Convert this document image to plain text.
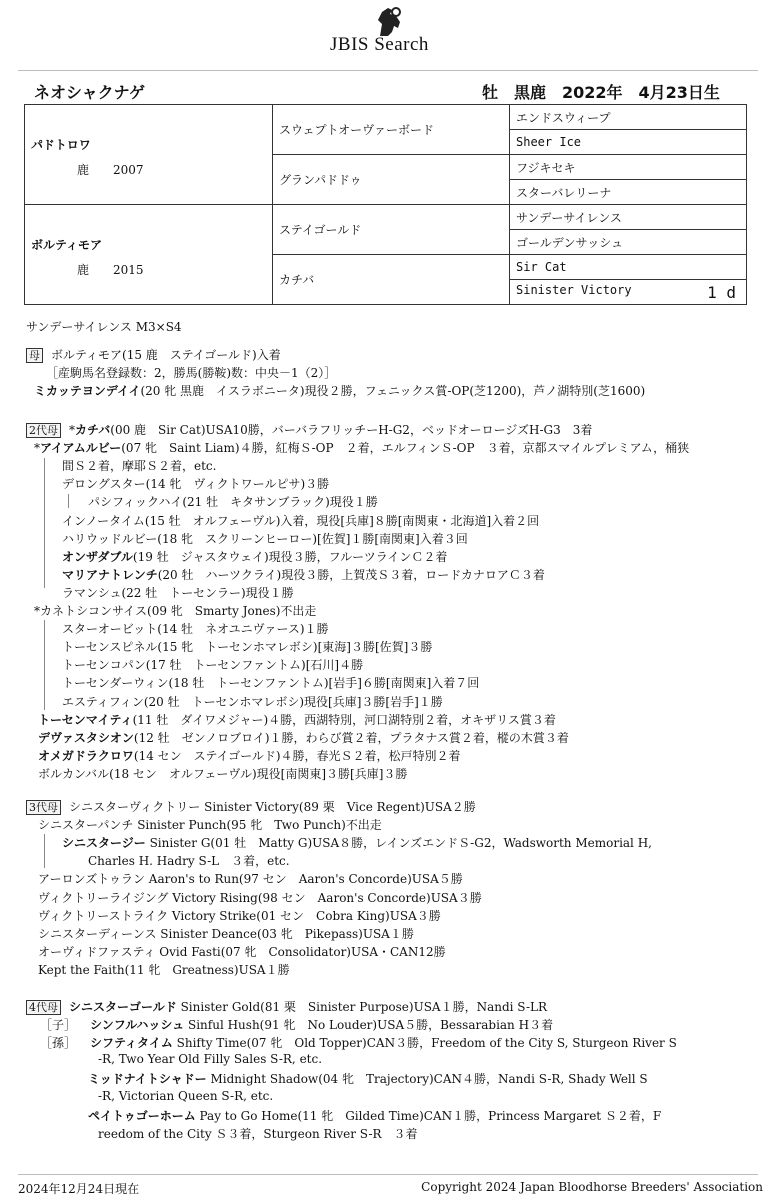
JBIS Search
ネオシャクナゲ	牡　黒鹿　2022年　4月23日生
パドトロワ
鹿　　2007	スウェプトオーヴァーボード	エンドスウィープ
		Sheer Ice
	グランパドドゥ	フジキセキ
		スターバレリーナ

ボルティモア
鹿　　2015	ステイゴールド	サンデーサイレンス
		ゴールデンサッシュ
	カチバ	Sir Cat
		Sinister Victory 1 d
サンデーサイレンス M3×S4
母 ボルティモア(15 鹿　ステイゴールド)入着
［産駒馬名登録数：2，勝馬(勝鞍)数：中央－1（2）］
ミカッテヨンデイイ(20 牝 黒鹿　イスラボニータ)現役２勝，フェニックス賞-OP(芝1200)，芦ノ湖特別(芝1600)
2代母 *カチバ(00 鹿　Sir Cat)USA10勝，バーバラフリッチーH-G2，ベッドオーロージズH-G3　3着
*アイアムルビー(07 牝　Saint Liam)４勝，紅梅Ｓ-OP　２着，エルフィンＳ-OP　３着，京都スマイルプレミアム，桶狭
間Ｓ２着，摩耶Ｓ２着，etc.
デロングスター(14 牝　ヴィクトワールピサ)３勝
パシフィックハイ(21 牡　キタサンブラック)現役１勝
インノータイム(15 牡　オルフェーヴル)入着，現役[兵庫]８勝[南関東・北海道]入着２回
ハリウッドルビー(18 牝　スクリーンヒーロー)[佐賀]１勝[南関東]入着３回
オンザダブル(19 牡　ジャスタウェイ)現役３勝，フルーツラインＣ２着
マリアナトレンチ(20 牡　ハーツクライ)現役３勝，上賀茂Ｓ３着，ロードカナロアＣ３着
ラマンシュ(22 牡　トーセンラー)現役１勝
*カネトシコンサイス(09 牝　Smarty Jones)不出走
スターオービット(14 牡　ネオユニヴァース)１勝
トーセンスピネル(15 牝　トーセンホマレボシ)[東海]３勝[佐賀]３勝
トーセンコパン(17 牡　トーセンファントム)[石川]４勝
トーセンダーウィン(18 牡　トーセンファントム)[岩手]６勝[南関東]入着７回
エスティフィン(20 牡　トーセンホマレボシ)現役[兵庫]３勝[岩手]１勝
トーセンマイティ(11 牡　ダイワメジャー)４勝，西湖特別，河口湖特別２着，オキザリス賞３着
デヴァスタシオン(12 牡　ゼンノロブロイ)１勝，わらび賞２着，プラタナス賞２着，樅の木賞３着
オメガドラクロワ(14 セン　ステイゴールド)４勝，春光Ｓ２着，松戸特別２着
ボルカンバル(18 セン　オルフェーヴル)現役[南関東]３勝[兵庫]３勝
3代母 シニスターヴィクトリー Sinister Victory(89 栗　Vice Regent)USA２勝
シニスターパンチ Sinister Punch(95 牝　Two Punch)不出走
シニスタージー Sinister G(01 牡　Matty G)USA８勝，レインズエンドＳ-G2，Wadsworth Memorial H,
Charles H. Hadry S-L　３着，etc.
アーロンズトゥラン Aaron's to Run(97 セン　Aaron's Concorde)USA５勝
ヴィクトリーライジング Victory Rising(98 セン　Aaron's Concorde)USA３勝
ヴィクトリーストライク Victory Strike(01 セン　Cobra King)USA３勝
シニスターディーンス Sinister Deance(03 牝　Pikepass)USA１勝
オーヴィドファスティ Ovid Fasti(07 牝　Consolidator)USA・CAN12勝
Kept the Faith(11 牝　Greatness)USA１勝
4代母 シニスターゴールド Sinister Gold(81 栗　Sinister Purpose)USA１勝，Nandi S-LR
［子］ シンフルハッシュ Sinful Hush(91 牝　No Louder)USA５勝，Bessarabian H３着
［孫］ シフティタイム Shifty Time(07 牝　Old Topper)CAN３勝，Freedom of the City S, Sturgeon River S
-R, Two Year Old Filly Sales S-R, etc.
ミッドナイトシャドー Midnight Shadow(04 牝　Trajectory)CAN４勝，Nandi S-R, Shady Well S
-R, Victorian Queen S-R, etc.
ペイトゥゴーホーム Pay to Go Home(11 牝　Gilded Time)CAN１勝，Princess Margaret Ｓ２着，F
reedom of the City Ｓ３着，Sturgeon River S-R　３着
2024年12月24日現在	Copyright 2024 Japan Bloodhorse Breeders' Association
